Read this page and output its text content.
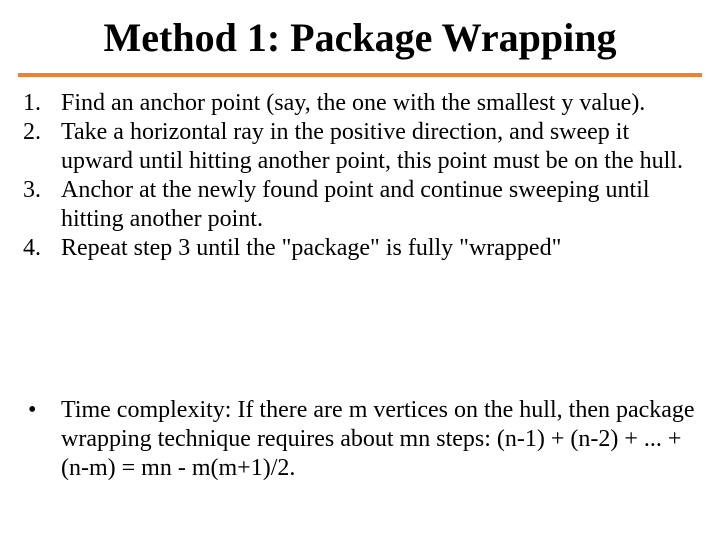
Method 1: Package Wrapping
1. Find an anchor point (say, the one with the smallest y value).
2. Take a horizontal ray in the positive direction, and sweep it upward until hitting another point, this point must be on the hull.
3. Anchor at the newly found point and continue sweeping until hitting another point.
4. Repeat step 3 until the "package" is fully "wrapped"
• Time complexity: If there are m vertices on the hull, then package wrapping technique requires about mn steps: (n-1) + (n-2) + ... + (n-m) = mn - m(m+1)/2.
